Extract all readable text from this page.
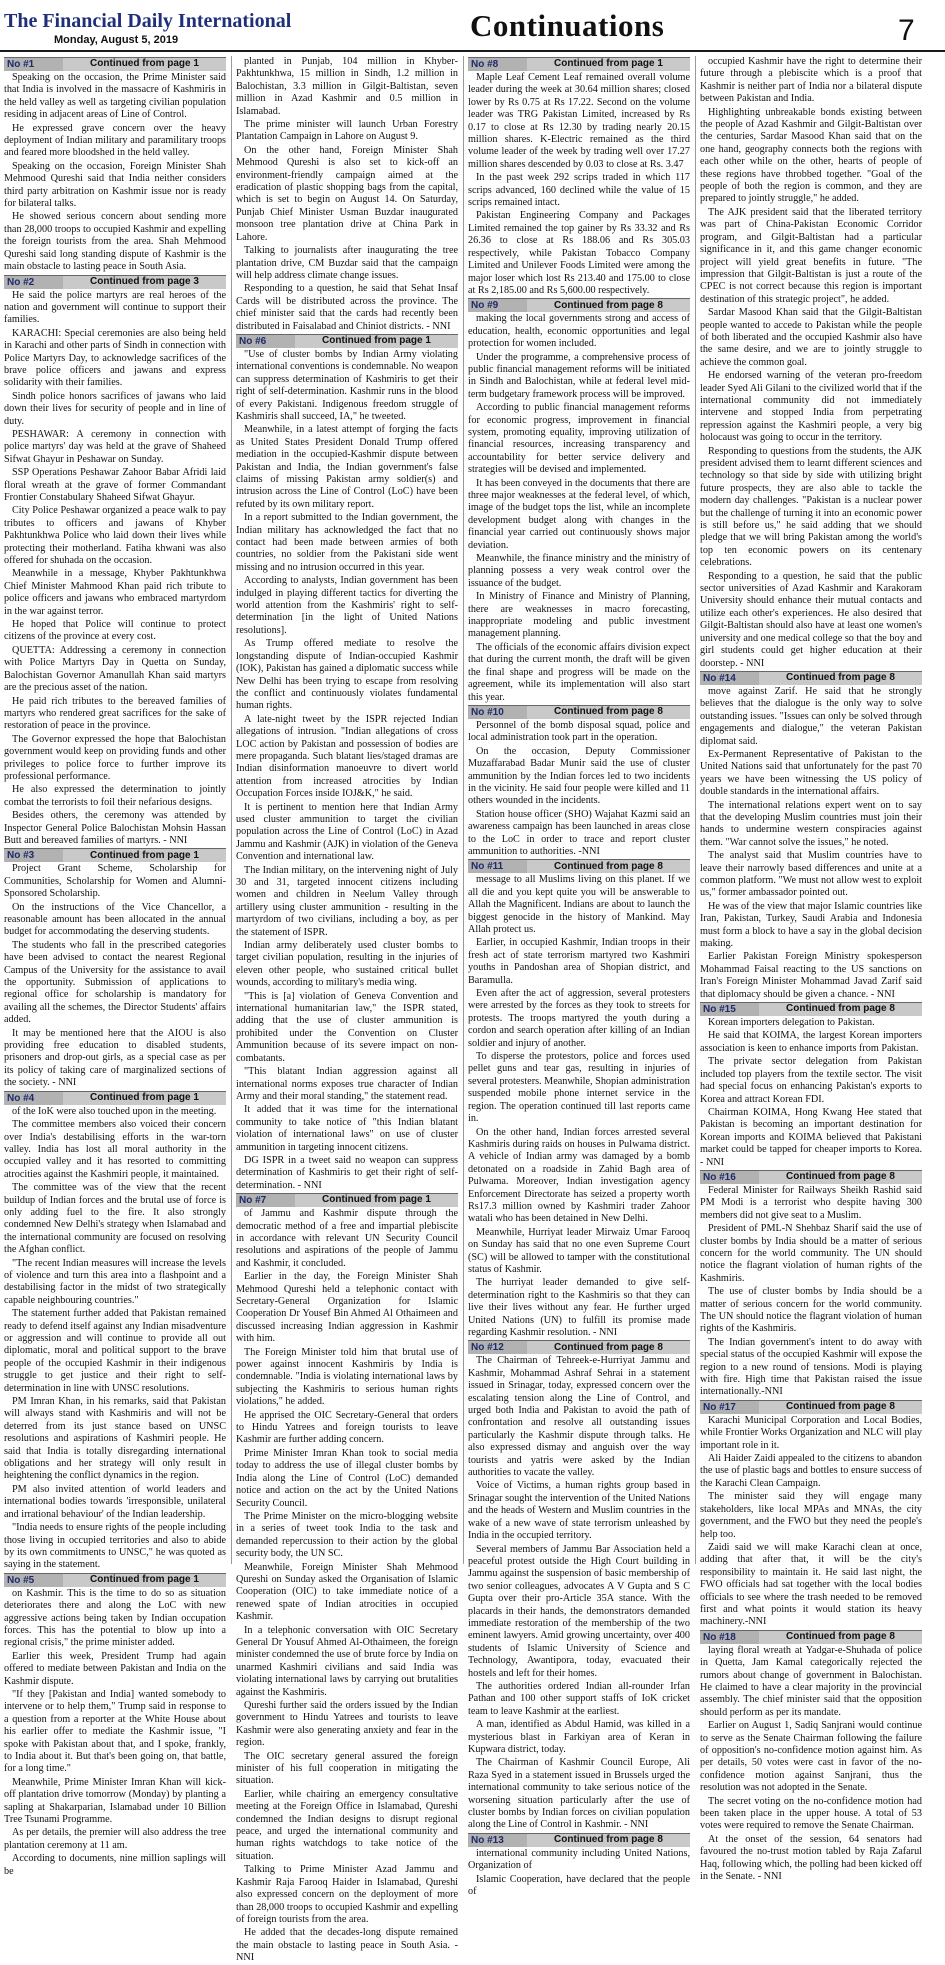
The Financial Daily International
Monday, August 5, 2019	Continuations	7
No #1	Continued from page 1

Speaking on the occasion, the Prime Minister said that India is involved in the massacre of Kashmiris in the held valley as well as targeting civilian population residing in adjacent areas of Line of Control.

He expressed grave concern over the heavy deployment of Indian military and paramilitary troops and feared more bloodshed in the held valley.

Speaking on the occasion, Foreign Minister Shah Mehmood Qureshi said that India neither considers third party arbitration on Kashmir issue nor is ready for bilateral talks.

He showed serious concern about sending more than 28,000 troops to occupied Kashmir and expelling the foreign tourists from the area. Shah Mehmood Qureshi said long standing dispute of Kashmir is the main obstacle to lasting peace in South Asia.

No #2	Continued from page 3

He said the police martyrs are real heroes of the nation and government will continue to support their families.

KARACHI: Special ceremonies are also being held in Karachi and other parts of Sindh in connection with Police Martyrs Day, to acknowledge sacrifices of the brave police officers and jawans and express solidarity with their families.

Sindh police honors sacrifices of jawans who laid down their lives for security of people and in line of duty.

PESHAWAR: A ceremony in connection with police martyrs' day was held at the grave of Shaheed Sifwat Ghayur in Peshawar on Sunday.

SSP Operations Peshawar Zahoor Babar Afridi laid floral wreath at the grave of former Commandant Frontier Constabulary Shaheed Sifwat Ghayur.

City Police Peshawar organized a peace walk to pay tributes to officers and jawans of Khyber Pakhtunkhwa Police who laid down their lives while protecting their motherland. Fatiha khwani was also offered for shuhada on the occasion.

Meanwhile in a message, Khyber Pakhtunkhwa Chief Minister Mahmood Khan paid rich tribute to police officers and jawans who embraced martyrdom in the war against terror.

He hoped that Police will continue to protect citizens of the province at every cost.

QUETTA: Addressing a ceremony in connection with Police Martyrs Day in Quetta on Sunday, Balochistan Governor Amanullah Khan said martyrs are the precious asset of the nation.

He paid rich tributes to the bereaved families of martyrs who rendered great sacrifices for the sake of restoration of peace in the province.

The Governor expressed the hope that Balochistan government would keep on providing funds and other privileges to police force to further improve its professional performance.

He also expressed the determination to jointly combat the terrorists to foil their nefarious designs.

Besides others, the ceremony was attended by Inspector General Police Balochistan Mohsin Hassan Butt and bereaved families of martyrs. - NNI

No #3	Continued from page 1

Project Grant Scheme, Scholarship for Communities, Scholarship for Women and Alumni-Sponsored Scholarship.

On the instructions of the Vice Chancellor, a reasonable amount has been allocated in the annual budget for accommodating the deserving students.

The students who fall in the prescribed categories have been advised to contact the nearest Regional Campus of the University for the assistance to avail the opportunity. Submission of applications to regional office for scholarship is mandatory for availing all the schemes, the Director Students' affairs added.

It may be mentioned here that the AIOU is also providing free education to disabled students, prisoners and drop-out girls, as a special case as per its policy of taking care of marginalized sections of the society. - NNI

No #4	Continued from page 1

of the IoK were also touched upon in the meeting.

The committee members also voiced their concern over India's destabilising efforts in the war-torn valley. India has lost all moral authority in the occupied valley and it has resorted to committing atrocities against the Kashmiri people, it maintained.

The committee was of the view that the recent buildup of Indian forces and the brutal use of force is only adding fuel to the fire. It also strongly condemned New Delhi's strategy when Islamabad and the international community are focused on resolving the Afghan conflict.

"The recent Indian measures will increase the levels of violence and turn this area into a flashpoint and a destabilising factor in the midst of two strategically capable neighbouring countries."

The statement further added that Pakistan remained ready to defend itself against any Indian misadventure or aggression and will continue to provide all out diplomatic, moral and political support to the brave people of the occupied Kashmir in their indigenous struggle to get justice and their right to self-determination in line with UNSC resolutions.

PM Imran Khan, in his remarks, said that Pakistan will always stand with Kashmiris and will not be deterred from its just stance based on UNSC resolutions and aspirations of Kashmiri people. He said that India is totally disregarding international obligations and her strategy will only result in heightening the conflict dynamics in the region.

PM also invited attention of world leaders and international bodies towards 'irresponsible, unilateral and irrational behaviour' of the Indian leadership.

"India needs to ensure rights of the people including those living in occupied territories and also to abide by its own commitments to UNSC," he was quoted as saying in the statement.

No #5	Continued from page 1

on Kashmir. This is the time to do so as situation deteriorates there and along the LoC with new aggressive actions being taken by Indian occupation forces. This has the potential to blow up into a regional crisis," the prime minister added.

Earlier this week, President Trump had again offered to mediate between Pakistan and India on the Kashmir dispute.

"If they [Pakistan and India] wanted somebody to intervene or to help them," Trump said in response to a question from a reporter at the White House about his earlier offer to mediate the Kashmir issue, "I spoke with Pakistan about that, and I spoke, frankly, to India about it. But that's been going on, that battle, for a long time."

Meanwhile, Prime Minister Imran Khan will kick-off plantation drive tomorrow (Monday) by planting a sapling at Shakarparian, Islamabad under 10 Billion Tree Tsunami Programme.

As per details, the premier will also address the tree plantation ceremony at 11 am.

According to documents, nine million saplings will be

planted in Punjab, 104 million in Khyber-Pakhtunkhwa, 15 million in Sindh, 1.2 million in Balochistan, 3.3 million in Gilgit-Baltistan, seven million in Azad Kashmir and 0.5 million in Islamabad.

The prime minister will launch Urban Forestry Plantation Campaign in Lahore on August 9.

On the other hand, Foreign Minister Shah Mehmood Qureshi is also set to kick-off an environment-friendly campaign aimed at the eradication of plastic shopping bags from the capital, which is set to begin on August 14. On Saturday, Punjab Chief Minister Usman Buzdar inaugurated monsoon tree plantation drive at China Park in Lahore.

Talking to journalists after inaugurating the tree plantation drive, CM Buzdar said that the campaign will help address climate change issues.

Responding to a question, he said that Sehat Insaf Cards will be distributed across the province. The chief minister said that the cards had recently been distributed in Faisalabad and Chiniot districts. - NNI

No #6	Continued from page 1

"Use of cluster bombs by Indian Army violating international conventions is condemnable. No weapon can suppress determination of Kashmiris to get their right of self-determination. Kashmir runs in the blood of every Pakistani. Indigenous freedom struggle of Kashmiris shall succeed, IA," he tweeted.

Meanwhile, in a latest attempt of forging the facts as United States President Donald Trump offered mediation in the occupied-Kashmir dispute between Pakistan and India, the Indian government's false claims of missing Pakistan army soldier(s) and intrusion across the Line of Control (LoC) have been refuted by its own military report.

In a report submitted to the Indian government, the Indian military has acknowledged the fact that no contact had been made between armies of both countries, no soldier from the Pakistani side went missing and no intrusion occurred in this year.

According to analysts, Indian government has been indulged in playing different tactics for diverting the world attention from the Kashmiris' right to self-determination [in the light of United Nations resolutions].

As Trump offered mediate to resolve the longstanding dispute of Indian-occupied Kashmir (IOK), Pakistan has gained a diplomatic success while New Delhi has been trying to escape from resolving the conflict and continuously violates fundamental human rights.

A late-night tweet by the ISPR rejected Indian allegations of intrusion. "Indian allegations of cross LOC action by Pakistan and possession of bodies are mere propaganda. Such blatant lies/staged dramas are Indian disinformation manoeuvre to divert world attention from increased atrocities by Indian Occupation Forces inside IOJ&K," he said.

It is pertinent to mention here that Indian Army used cluster ammunition to target the civilian population across the Line of Control (LoC) in Azad Jammu and Kashmir (AJK) in violation of the Geneva Convention and international law.

The Indian military, on the intervening night of July 30 and 31, targeted innocent citizens including women and children in Neelum Valley through artillery using cluster ammunition - resulting in the martyrdom of two civilians, including a boy, as per the statement of ISPR.

Indian army deliberately used cluster bombs to target civilian population, resulting in the injuries of eleven other people, who sustained critical bullet wounds, according to military's media wing.

"This is [a] violation of Geneva Convention and international humanitarian law," the ISPR stated, adding that the use of cluster ammunition is prohibited under the Convention on Cluster Ammunition because of its severe impact on non-combatants.

"This blatant Indian aggression against all international norms exposes true character of Indian Army and their moral standing," the statement read.

It added that it was time for the international community to take notice of "this Indian blatant violation of international laws" on use of cluster ammunition in targeting innocent citizens.

DG ISPR in a tweet said no weapon can suppress determination of Kashmiris to get their right of self-determination. - NNI

No #7	Continued from page 1

of Jammu and Kashmir dispute through the democratic method of a free and impartial plebiscite in accordance with relevant UN Security Council resolutions and aspirations of the people of Jammu and Kashmir, it concluded.

Earlier in the day, the Foreign Minister Shah Mehmood Qureshi held a telephonic contact with Secretary-General Organization for Islamic Cooperation Dr Yousef Bin Ahmed Al Othaimeen and discussed increasing Indian aggression in Kashmir with him.

The Foreign Minister told him that brutal use of power against innocent Kashmiris by India is condemnable. "India is violating international laws by subjecting the Kashmiris to serious human rights violations," he added.

He apprised the OIC Secretary-General that orders to Hindu Yatrees and foreign tourists to leave Kashmir are further adding concern.

Prime Minister Imran Khan took to social media today to address the use of illegal cluster bombs by India along the Line of Control (LoC) demanded notice and action on the act by the United Nations Security Council.

The Prime Minister on the micro-blogging website in a series of tweet took India to the task and demanded repercussion to their action by the global security body, the UN SC.

Meanwhile, Foreign Minister Shah Mehmood Qureshi on Sunday asked the Organisation of Islamic Cooperation (OIC) to take immediate notice of a renewed spate of Indian atrocities in occupied Kashmir.

In a telephonic conversation with OIC Secretary General Dr Yousuf Ahmed Al-Othaimeen, the foreign minister condemned the use of brute force by India on unarmed Kashmiri civilians and said India was violating international laws by carrying out brutalities against the Kashmiris.

Qureshi further said the orders issued by the Indian government to Hindu Yatrees and tourists to leave Kashmir were also generating anxiety and fear in the region.

The OIC secretary general assured the foreign minister of his full cooperation in mitigating the situation.

Earlier, while chairing an emergency consultative meeting at the Foreign Office in Islamabad, Qureshi condemned the Indian designs to disrupt regional peace, and urged the international community and human rights watchdogs to take notice of the situation.

Talking to Prime Minister Azad Jammu and Kashmir Raja Farooq Haider in Islamabad, Qureshi also expressed concern on the deployment of more than 28,000 troops to occupied Kashmir and expelling of foreign tourists from the area.

He added that the decades-long dispute remained the main obstacle to lasting peace in South Asia. - NNI

No #8	Continued from page 1

Maple Leaf Cement Leaf remained overall volume leader during the week at 30.64 million shares; closed lower by Rs 0.75 at Rs 17.22. Second on the volume leader was TRG Pakistan Limited, increased by Rs 0.17 to close at Rs 12.30 by trading nearly 20.15 million shares. K-Electric remained as the third volume leader of the week by trading well over 17.27 million shares descended by 0.03 to close at Rs. 3.47

In the past week 292 scrips traded in which 117 scrips advanced, 160 declined while the value of 15 scrips remained intact.

Pakistan Engineering Company and Packages Limited remained the top gainer by Rs 33.32 and Rs 26.36 to close at Rs 188.06 and Rs 305.03 respectively, while Pakistan Tobacco Company Limited and Unilever Foods Limited were among the major loser which lost Rs 213.40 and 175.00 to close at Rs 2,185.00 and Rs 5,600.00 respectively.

No #9	Continued from page 8

making the local governments strong and access of education, health, economic opportunities and legal protection for women included.

Under the programme, a comprehensive process of public financial management reforms will be initiated in Sindh and Balochistan, while at federal level mid-term budgetary framework process will be improved.

According to public financial management reforms for economic progress, improvement in financial system, promoting equality, improving utilization of financial resources, increasing transparency and accountability for better service delivery and strategies will be devised and implemented.

It has been conveyed in the documents that there are three major weaknesses at the federal level, of which, image of the budget tops the list, while an incomplete development budget along with changes in the financial year carried out continuously shows major deviation.

Meanwhile, the finance ministry and the ministry of planning possess a very weak control over the issuance of the budget.

In Ministry of Finance and Ministry of Planning, there are weaknesses in macro forecasting, inappropriate modeling and public investment management planning.

The officials of the economic affairs division expect that during the current month, the draft will be given the final shape and progress will be made on the agreement, while its implementation will also start this year.

No #10	Continued from page 8

Personnel of the bomb disposal squad, police and local administration took part in the operation.

On the occasion, Deputy Commissioner Muzaffarabad Badar Munir said the use of cluster ammunition by the Indian forces led to two incidents in the vicinity. He said four people were killed and 11 others wounded in the incidents.

Station house officer (SHO) Wajahat Kazmi said an awareness campaign has been launched in areas close to the LoC in order to trace and report cluster ammunition to authorities. -NNI

No #11	Continued from page 8

message to all Muslims living on this planet. If we all die and you kept quite you will be answerable to Allah the Magnificent. Indians are about to launch the biggest genocide in the history of Mankind. May Allah protect us.

Earlier, in occupied Kashmir, Indian troops in their fresh act of state terrorism martyred two Kashmiri youths in Pandoshan area of Shopian district, and Baramulla.

Even after the act of aggression, several protesters were arrested by the forces as they took to streets for protests. The troops martyred the youth during a cordon and search operation after killing of an Indian soldier and injury of another.

To disperse the protestors, police and forces used pellet guns and tear gas, resulting in injuries of several protesters. Meanwhile, Shopian administration suspended mobile phone internet service in the region. The operation continued till last reports came in.

On the other hand, Indian forces arrested several Kashmiris during raids on houses in Pulwama district. A vehicle of Indian army was damaged by a bomb detonated on a roadside in Zahid Bagh area of Pulwama. Moreover, Indian investigation agency Enforcement Directorate has seized a property worth Rs17.3 million owned by Kashmiri trader Zahoor watali who has been detained in New Delhi.

Meanwhile, Hurriyat leader Mirwaiz Umar Farooq on Sunday has said that no one even Supreme Court (SC) will be allowed to tamper with the constitutional status of Kashmir.

The hurriyat leader demanded to give self-determination right to the Kashmiris so that they can live their lives without any fear. He further urged United Nations (UN) to fulfill its promise made regarding Kashmir resolution. - NNI

No #12	Continued from page 8

The Chairman of Tehreek-e-Hurriyat Jammu and Kashmir, Mohammad Ashraf Sehrai in a statement issued in Srinagar, today, expressed concern over the escalating tension along the Line of Control, and urged both India and Pakistan to avoid the path of confrontation and resolve all outstanding issues particularly the Kashmir dispute through talks. He also expressed dismay and anguish over the way tourists and yatris were asked by the Indian authorities to vacate the valley.

Voice of Victims, a human rights group based in Srinagar sought the intervention of the United Nations and the heads of Western and Muslim countries in the wake of a new wave of state terrorism unleashed by India in the occupied territory.

Several members of Jammu Bar Association held a peaceful protest outside the High Court building in Jammu against the suspension of basic membership of two senior colleagues, advocates A V Gupta and S C Gupta over their pro-Article 35A stance. With the placards in their hands, the demonstrators demanded immediate restoration of the membership of the two eminent lawyers. Amid growing uncertainty, over 400 students of Islamic University of Science and Technology, Awantipora, today, evacuated their hostels and left for their homes.

The authorities ordered Indian all-rounder Irfan Pathan and 100 other support staffs of IoK cricket team to leave Kashmir at the earliest.

A man, identified as Abdul Hamid, was killed in a mysterious blast in Farkiyan area of Keran in Kupwara district, today.

The Chairman of Kashmir Council Europe, Ali Raza Syed in a statement issued in Brussels urged the international community to take serious notice of the worsening situation particularly after the use of cluster bombs by Indian forces on civilian population along the Line of Control in Kashmir. - NNI

No #13	Continued from page 8

international community including United Nations, Organization of

Islamic Cooperation, have declared that the people of

occupied Kashmir have the right to determine their future through a plebiscite which is a proof that Kashmir is neither part of India nor a bilateral dispute between Pakistan and India.

Highlighting unbreakable bonds existing between the people of Azad Kashmir and Gilgit-Baltistan over the centuries, Sardar Masood Khan said that on the one hand, geography connects both the regions with each other while on the other, hearts of people of these regions have throbbed together. "Goal of the people of both the region is common, and they are prepared to jointly struggle," he added.

The AJK president said that the liberated territory was part of China-Pakistan Economic Corridor program, and Gilgit-Baltistan had a particular significance in it, and this game changer economic project will yield great benefits in future. "The impression that Gilgit-Baltistan is just a route of the CPEC is not correct because this region is important destination of this strategic project", he added.

Sardar Masood Khan said that the Gilgit-Baltistan people wanted to accede to Pakistan while the people of both liberated and the occupied Kashmir also have the same desire, and we are to jointly struggle to achieve the common goal.

He endorsed warning of the veteran pro-freedom leader Syed Ali Gilani to the civilized world that if the international community did not immediately intervene and stopped India from perpetrating repression against the Kashmiri people, a very big holocaust was going to occur in the territory.

Responding to questions from the students, the AJK president advised them to learnt different sciences and technology so that side by side with utilizing bright future prospects, they are also able to tackle the modern day challenges. "Pakistan is a nuclear power but the challenge of turning it into an economic power is still before us," he said adding that we should pledge that we will bring Pakistan among the world's top ten economic powers on its centenary celebrations.

Responding to a question, he said that the public sector universities of Azad Kashmir and Karakoram University should enhance their mutual contacts and utilize each other's experiences. He also desired that Gilgit-Baltistan should also have at least one women's university and one medical college so that the boy and girl students could get higher education at their doorstep. - NNI

No #14	Continued from page 8

move against Zarif. He said that he strongly believes that the dialogue is the only way to solve outstanding issues. "Issues can only be solved through engagements and dialogue," the veteran Pakistan diplomat said.

Ex-Permanent Representative of Pakistan to the United Nations said that unfortunately for the past 70 years we have been witnessing the US policy of double standards in the international affairs.

The international relations expert went on to say that the developing Muslim countries must join their hands to undermine western conspiracies against them. "War cannot solve the issues," he noted.

The analyst said that Muslim countries have to leave their narrowly based differences and unite at a common platform. "We must not allow west to exploit us," former ambassador pointed out.

He was of the view that major Islamic countries like Iran, Pakistan, Turkey, Saudi Arabia and Indonesia must form a block to have a say in the global decision making.

Earlier Pakistan Foreign Ministry spokesperson Mohammad Faisal reacting to the US sanctions on Iran's Foreign Minister Mohammad Javad Zarif said that diplomacy should be given a chance. - NNI

No #15	Continued from page 8

Korean importers delegation to Pakistan.

He said that KOIMA, the largest Korean importers association is keen to enhance imports from Pakistan.

The private sector delegation from Pakistan included top players from the textile sector. The visit had special focus on enhancing Pakistan's exports to Korea and attract Korean FDI.

Chairman KOIMA, Hong Kwang Hee stated that Pakistan is becoming an important destination for Korean imports and KOIMA believed that Pakistani market could be tapped for cheaper imports to Korea. - NNI

No #16	Continued from page 8

Federal Minister for Railways Sheikh Rashid said PM Modi is a terrorist who despite having 300 members did not give seat to a Muslim.

President of PML-N Shehbaz Sharif said the use of cluster bombs by India should be a matter of serious concern for the world community. The UN should notice the flagrant violation of human rights of the Kashmiris.

The use of cluster bombs by India should be a matter of serious concern for the world community. The UN should notice the flagrant violation of human rights of the Kashmiris.

The Indian government's intent to do away with special status of the occupied Kashmir will expose the region to a new round of tensions. Modi is playing with fire. High time that Pakistan raised the issue internationally.-NNI

No #17	Continued from page 8

Karachi Municipal Corporation and Local Bodies, while Frontier Works Organization and NLC will play important role in it.

Ali Haider Zaidi appealed to the citizens to abandon the use of plastic bags and bottles to ensure success of the Karachi Clean Campaign.

The minister said they will engage many stakeholders, like local MPAs and MNAs, the city government, and the FWO but they need the people's help too.

Zaidi said we will make Karachi clean at once, adding that after that, it will be the city's responsibility to maintain it. He said last night, the FWO officials had sat together with the local bodies officials to see where the trash needed to be removed first and what points it would station its heavy machinery.-NNI

No #18	Continued from page 8

laying floral wreath at Yadgar-e-Shuhada of police in Quetta, Jam Kamal categorically rejected the rumors about change of government in Balochistan. He claimed to have a clear majority in the provincial assembly. The chief minister said that the opposition should perform as per its mandate.

Earlier on August 1, Sadiq Sanjrani would continue to serve as the Senate Chairman following the failure of opposition's no-confidence motion against him. As per details, 50 votes were cast in favor of the no-confidence motion against Sanjrani, thus the resolution was not adopted in the Senate.

The secret voting on the no-confidence motion had been taken place in the upper house. A total of 53 votes were required to remove the Senate Chairman.

At the onset of the session, 64 senators had favoured the no-trust motion tabled by Raja Zafarul Haq, following which, the polling had been kicked off in the Senate. - NNI
